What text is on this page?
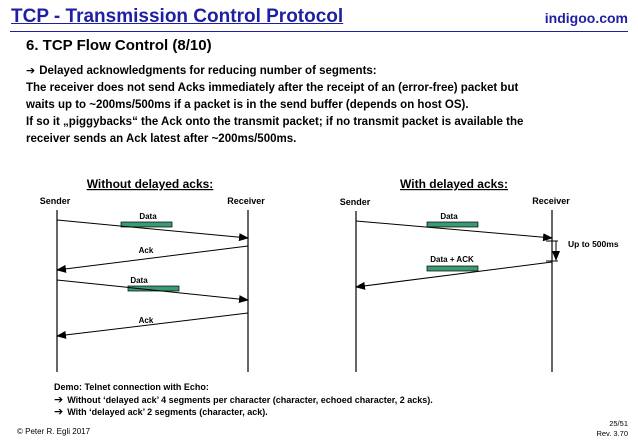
TCP - Transmission Control Protocol	indigoo.com
6. TCP Flow Control (8/10)
➔ Delayed acknowledgments for reducing number of segments:
The receiver does not send Acks immediately after the receipt of an (error-free) packet but
waits up to ~200ms/500ms if a packet is in the send buffer (depends on host OS).
If so it „piggybacks“ the Ack onto the transmit packet; if no transmit packet is available the
receiver sends an Ack latest after ~200ms/500ms.
Without delayed acks:
Sender	Receiver
Data
Ack
Data
Ack
With delayed acks:
Sender	Receiver
Data
Up to 500ms
Data + ACK
Demo: Telnet connection with Echo:
➔ Without ‘delayed ack’ 4 segments per character (character, echoed character, 2 acks).
➔ With ‘delayed ack’ 2 segments (character, ack).
© Peter R. Egli 2017
25/51
Rev. 3.70
